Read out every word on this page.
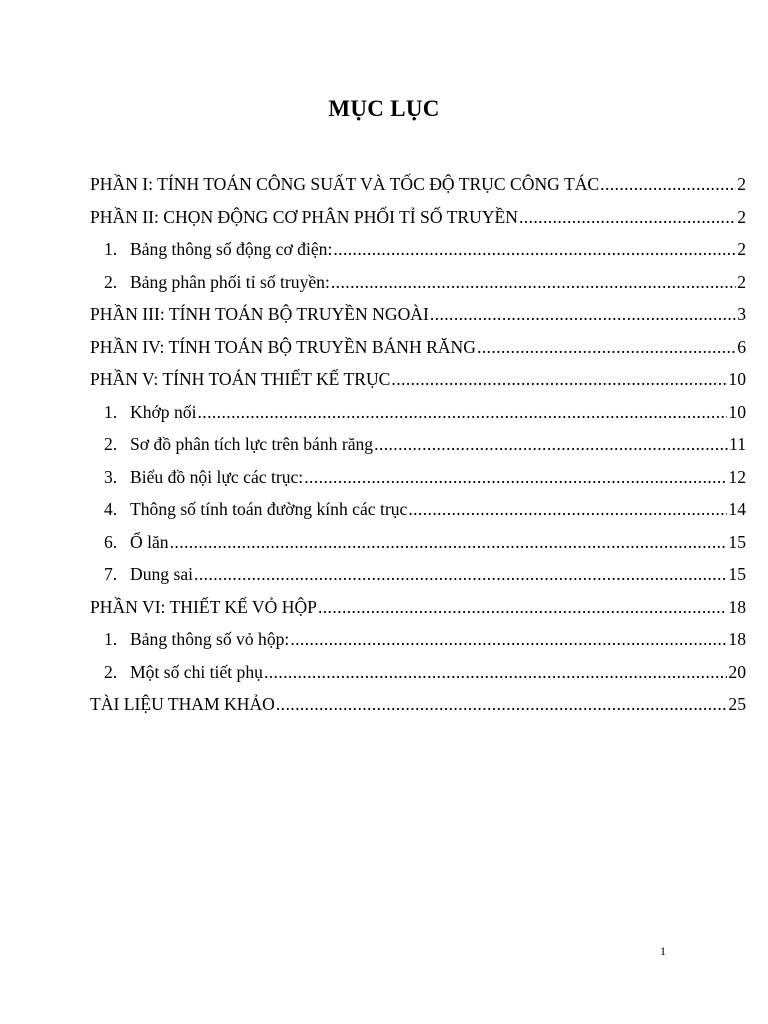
MỤC LỤC
PHẦN I: TÍNH TOÁN CÔNG SUẤT VÀ TỐC ĐỘ TRỤC CÔNG TÁC .....	2
PHẦN II: CHỌN ĐỘNG CƠ PHÂN PHỐI TỈ SỐ TRUYỀN .....	2
1. Bảng thông số động cơ điện: .....	2
2. Bảng phân phối tỉ số truyền: .....	2
PHẦN III: TÍNH TOÁN BỘ TRUYỀN NGOÀI .....	3
PHẦN IV: TÍNH TOÁN BỘ TRUYỀN BÁNH RĂNG .....	6
PHẦN V: TÍNH TOÁN THIẾT KẾ TRỤC .....	10
1. Khớp nối .....	10
2. Sơ đồ phân tích lực trên bánh răng .....	11
3. Biểu đồ nội lực các trục: .....	12
4. Thông số tính toán đường kính các trục .....	14
6. Ổ lăn .....	15
7. Dung sai .....	15
PHẦN VI: THIẾT KẾ VỎ HỘP .....	18
1. Bảng thông số vỏ hộp: .....	18
2. Một số chi tiết phụ .....	20
TÀI LIỆU THAM KHẢO .....	25
1
